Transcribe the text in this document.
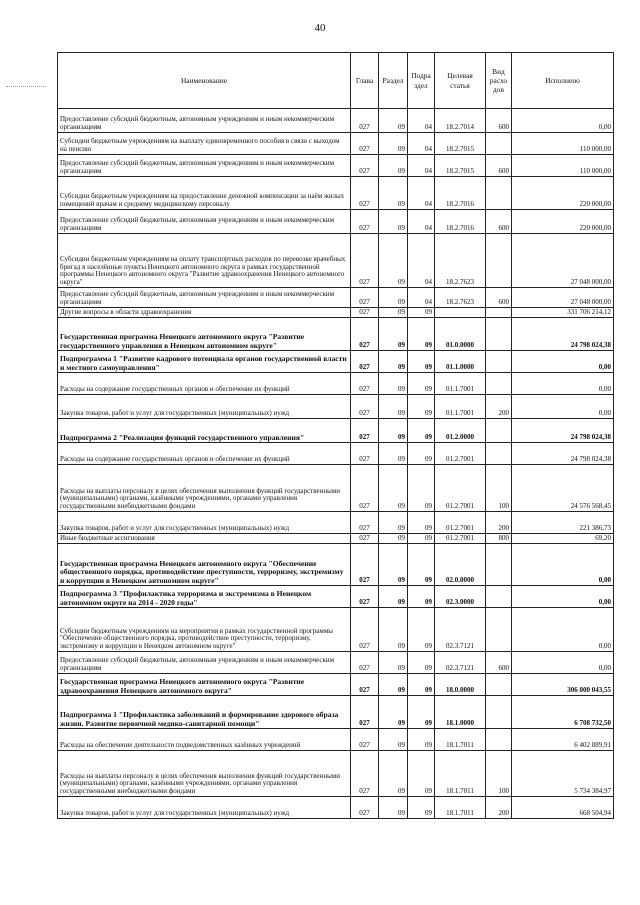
40
Наименование	Глава	Раздел	Подра здел	Целевая статья	Вид расхо дов	Исполнено
Предоставление субсидий бюджетным, автономным учреждениям и иным некоммерческим организациям	027	09	04	18.2.7014	600	0,00
Субсидии бюджетным учреждениям на выплату единовременного пособия в связи с выходом на пенсию	027	09	04	18.2.7015		110 000,00
Предоставление субсидий бюджетным, автономным учреждениям и иным некоммерческим организациям	027	09	04	18.2.7015	600	110 000,00
Субсидии бюджетным учреждениям на предоставление денежной компенсации за наём жилых помещений врачам и среднему медицинскому персоналу	027	09	04	18.2.7016		220 000,00
Предоставление субсидий бюджетным, автономным учреждениям и иным некоммерческим организациям	027	09	04	18.2.7016	600	220 000,00
Субсидии бюджетным учреждениям на оплату транспортных расходов по перевозке врачебных бригад в населённые пункты Ненецкого автономного округа в рамках государственной программы Ненецкого автономного округа "Развитие здравоохранения Ненецкого автономного округа"	027	09	04	18.2.7623		27 048 000,00
Предоставление субсидий бюджетным, автономным учреждениям и иным некоммерческим организациям	027	09	04	18.2.7623	600	27 048 000,00
Другие вопросы в области здравоохранения	027	09	09			331 706 214,12
Государственная программа Ненецкого автономного округа "Развитие государственного управления в Ненецком автономном округе"	027	09	09	01.0.0000		24 798 024,38
Подпрограмма 1 "Развитие кадрового потенциала органов государственной власти и местного самоуправления"	027	09	09	01.1.0000		0,00
Расходы на содержание государственных органов и обеспечение их функций	027	09	09	01.1.7001		0,00
Закупка товаров, работ и услуг для государственных (муниципальных) нужд	027	09	09	01.1.7001	200	0,00
Подпрограмма 2 "Реализация функций государственного управления"	027	09	09	01.2.0000		24 798 024,38
Расходы на содержание государственных органов и обеспечение их функций	027	09	09	01.2.7001		24 798 024,38
Расходы на выплаты персоналу в целях обеспечения выполнения функций государственными (муниципальными) органами, казёнными учреждениями, органами управления государственными внебюджетными фондами	027	09	09	01.2.7001	100	24 576 568,45
Закупка товаров, работ и услуг для государственных (муниципальных) нужд	027	09	09	01.2.7001	200	221 386,73
Иные бюджетные ассигнования	027	09	09	01.2.7001	800	69,20
Государственная программа Ненецкого автономного округа "Обеспечение общественного порядка, противодействие преступности, терроризму, экстремизму и коррупции в Ненецком автономном округе"	027	09	09	02.0.0000		0,00
Подпрограмма 3 "Профилактика терроризма и экстремизма в Ненецком автономном округе на 2014 - 2020 годы"	027	09	09	02.3.0000		0,00
Субсидии бюджетным учреждениям на мероприятия в рамках государственной программы "Обеспечение общественного порядка, противодействие преступности, терроризму, экстремизму и коррупции в Ненецком автономном округе"	027	09	09	02.3.7121		0,00
Предоставление субсидий бюджетным, автономным учреждениям и иным некоммерческим организациям	027	09	09	02.3.7121	600	0,00
Государственная программа Ненецкого автономного округа "Развитие здравоохранения Ненецкого автономного округа"	027	09	09	18.0.0000		306 000 043,55
Подпрограмма 1 "Профилактика заболеваний и формирование здорового образа жизни. Развитие первичной медико-санитарной помощи"	027	09	09	18.1.0000		6 708 732,50
Расходы на обеспечение деятельности подведомственных казённых учреждений	027	09	09	18.1.7011		6 402 889,91
Расходы на выплаты персоналу в целях обеспечения выполнения функций государственными (муниципальными) органами, казёнными учреждениями, органами управления государственными внебюджетными фондами	027	09	09	18.1.7011	100	5 734 384,97
Закупка товаров, работ и услуг для государственных (муниципальных) нужд	027	09	09	18.1.7011	200	668 504,94
